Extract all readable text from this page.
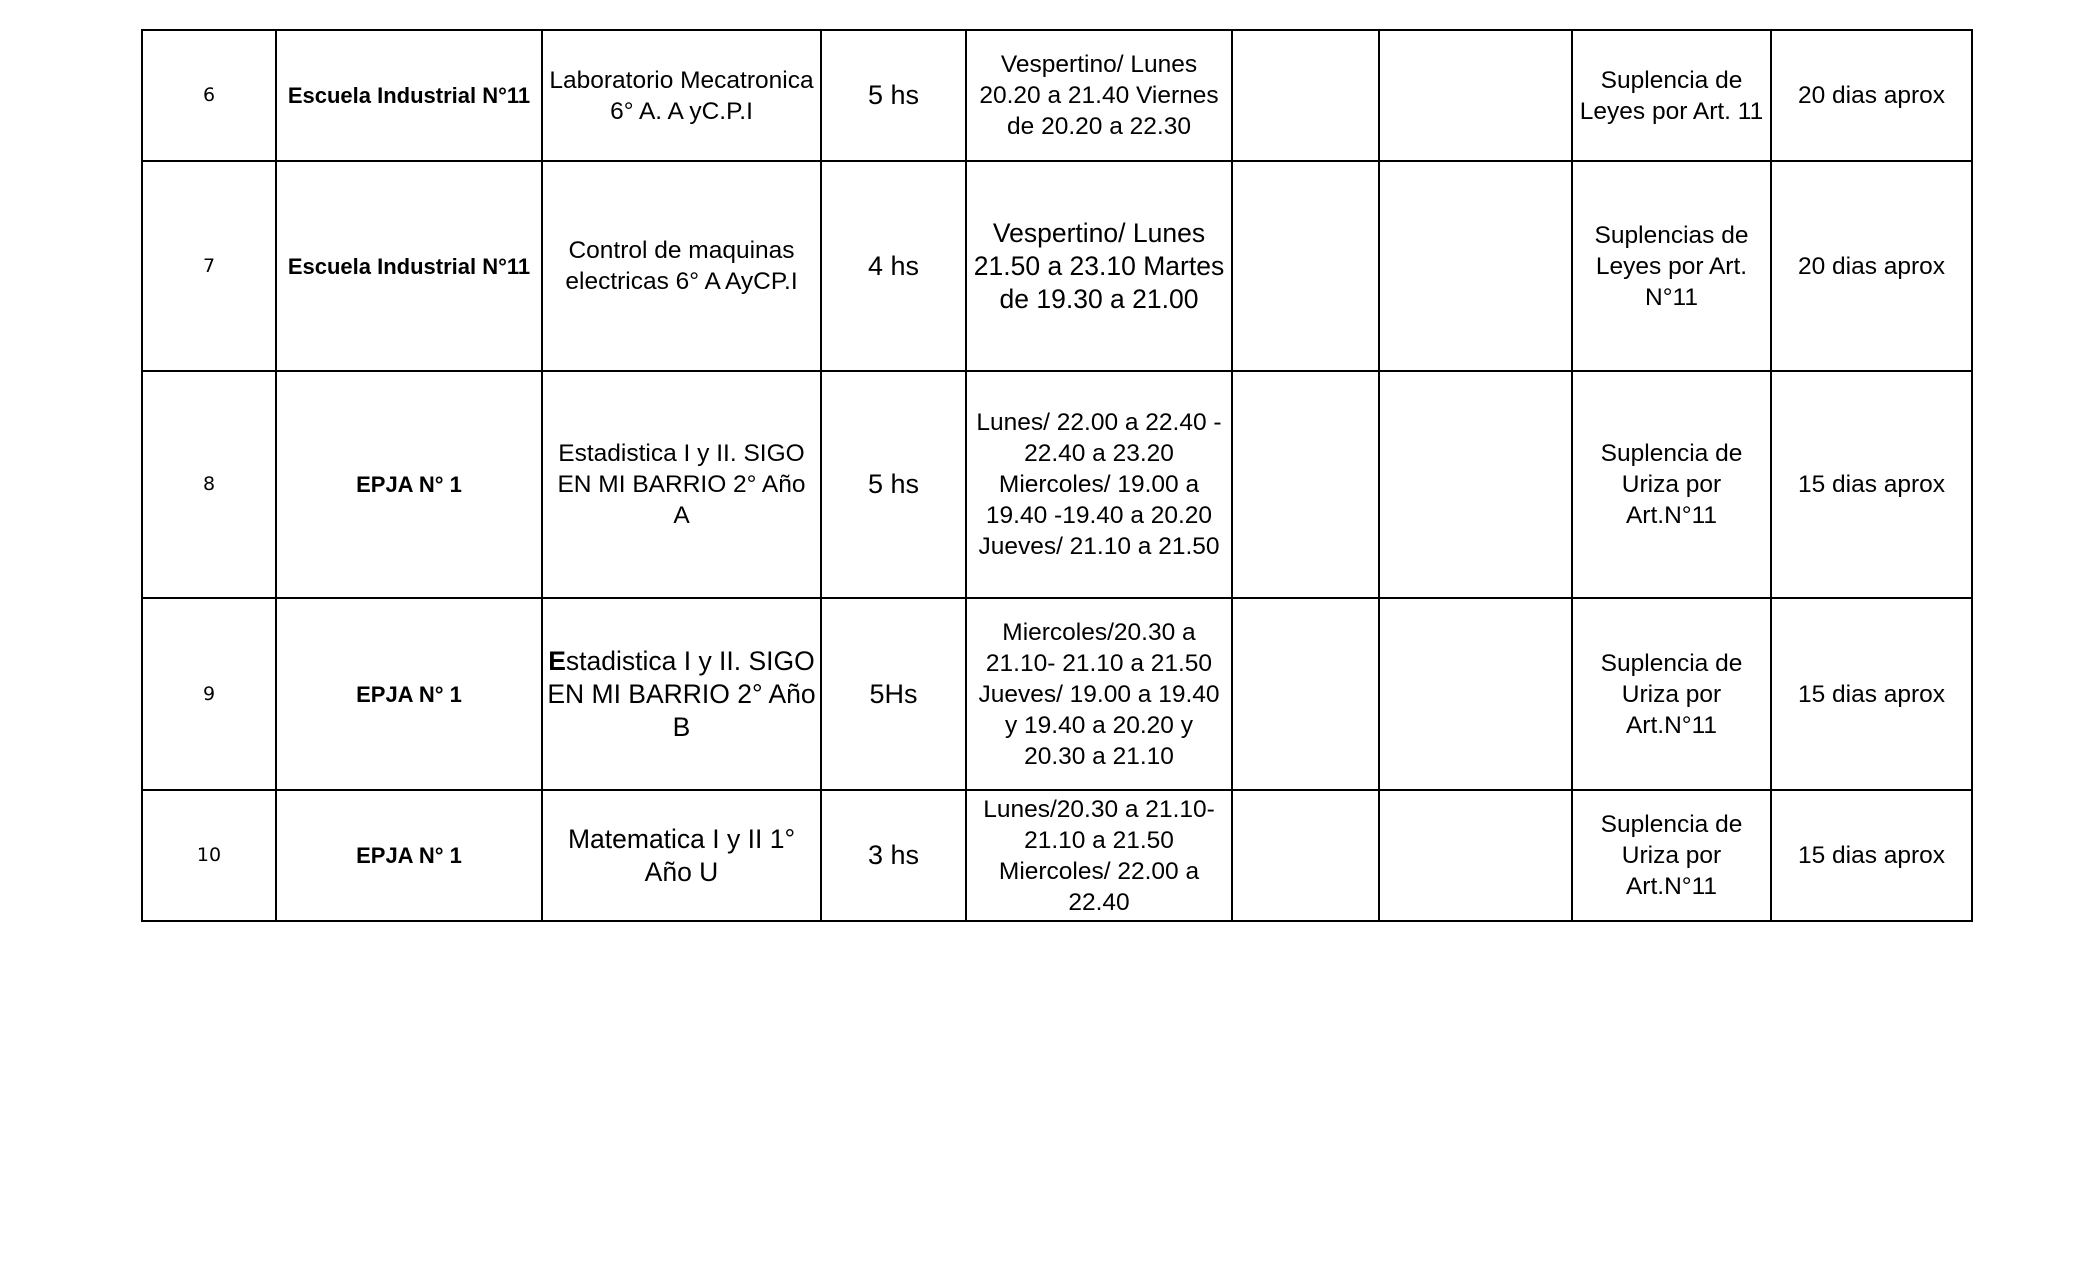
6	Escuela Industrial N°11	Laboratorio Mecatronica 6° A. A yC.P.I	5 hs	Vespertino/ Lunes 20.20 a 21.40 Viernes de 20.20 a 22.30			Suplencia de Leyes por Art. 11	20 dias aprox
7	Escuela Industrial N°11	Control de maquinas electricas 6° A AyCP.I	4 hs	Vespertino/ Lunes 21.50 a 23.10 Martes de 19.30 a 21.00			Suplencias de Leyes por Art. N°11	20 dias aprox
8	EPJA N° 1	Estadistica I y II. SIGO EN MI BARRIO 2° Año A	5 hs	Lunes/ 22.00 a 22.40 - 22.40 a 23.20 Miercoles/ 19.00 a 19.40 -19.40 a 20.20 Jueves/ 21.10 a 21.50			Suplencia de Uriza por Art.N°11	15 dias aprox
9	EPJA N° 1	Estadistica I y II. SIGO EN MI BARRIO 2° Año B	5Hs	Miercoles/20.30 a 21.10- 21.10 a 21.50 Jueves/ 19.00 a 19.40 y 19.40 a 20.20 y 20.30 a 21.10			Suplencia de Uriza por Art.N°11	15 dias aprox
10	EPJA N° 1	Matematica I y II 1° Año U	3 hs	Lunes/20.30 a 21.10- 21.10 a 21.50 Miercoles/ 22.00 a 22.40			Suplencia de Uriza por Art.N°11	15 dias aprox
